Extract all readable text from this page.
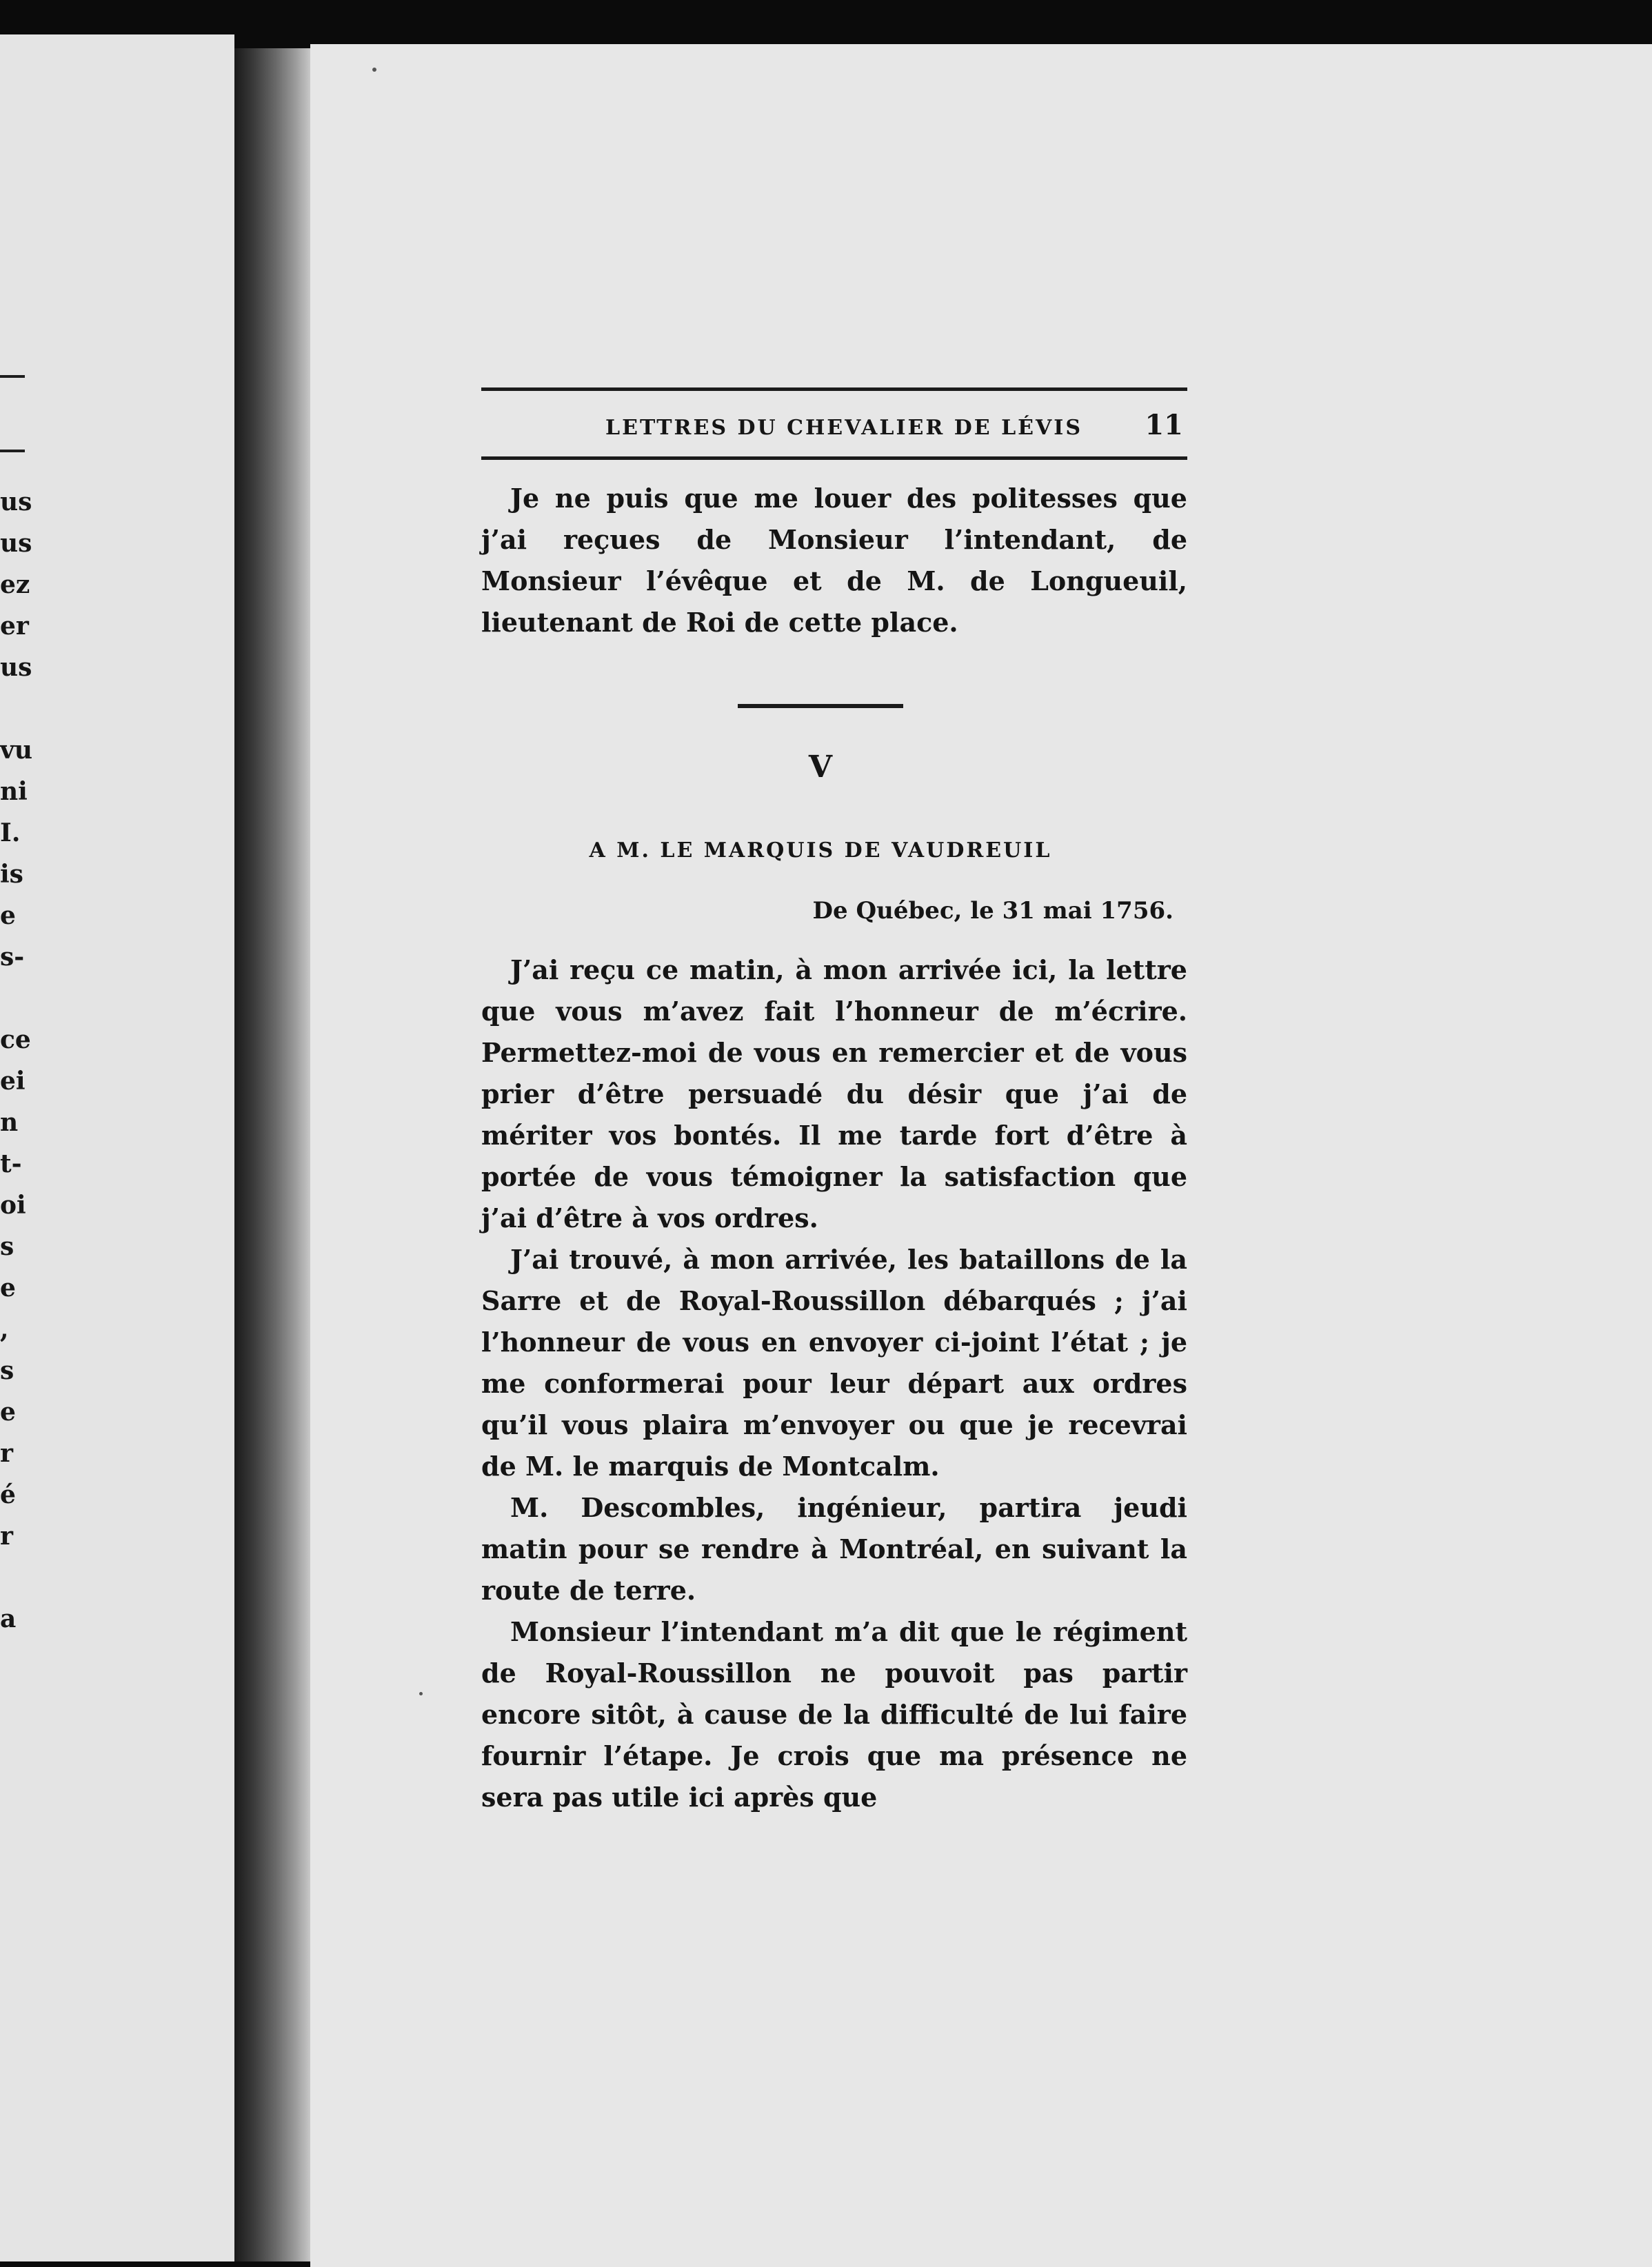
us
us
ez
er
us
vu
ni
I.
is
e
s-
ce
ei
n
t-
oi
s
e
,
s
e
r
é
r
a
LETTRES DU CHEVALIER DE LÉVIS 11

Je ne puis que me louer des politesses que j’ai reçues de Monsieur l’intendant, de Monsieur l’évêque et de M. de Longueuil, lieutenant de Roi de cette place.

V
A M. LE MARQUIS DE VAUDREUIL
De Québec, le 31 mai 1756.

J’ai reçu ce matin, à mon arrivée ici, la lettre que vous m’avez fait l’honneur de m’écrire. Permettez-moi de vous en remercier et de vous prier d’être persuadé du désir que j’ai de mériter vos bontés. Il me tarde fort d’être à portée de vous témoigner la satisfaction que j’ai d’être à vos ordres.

J’ai trouvé, à mon arrivée, les bataillons de la Sarre et de Royal-Roussillon débarqués ; j’ai l’honneur de vous en envoyer ci-joint l’état ; je me conformerai pour leur départ aux ordres qu’il vous plaira m’envoyer ou que je recevrai de M. le marquis de Montcalm.

M. Descombles, ingénieur, partira jeudi matin pour se rendre à Montréal, en suivant la route de terre.

Monsieur l’intendant m’a dit que le régiment de Royal-Roussillon ne pouvoit pas partir encore sitôt, à cause de la difficulté de lui faire fournir l’étape. Je crois que ma présence ne sera pas utile ici après que
